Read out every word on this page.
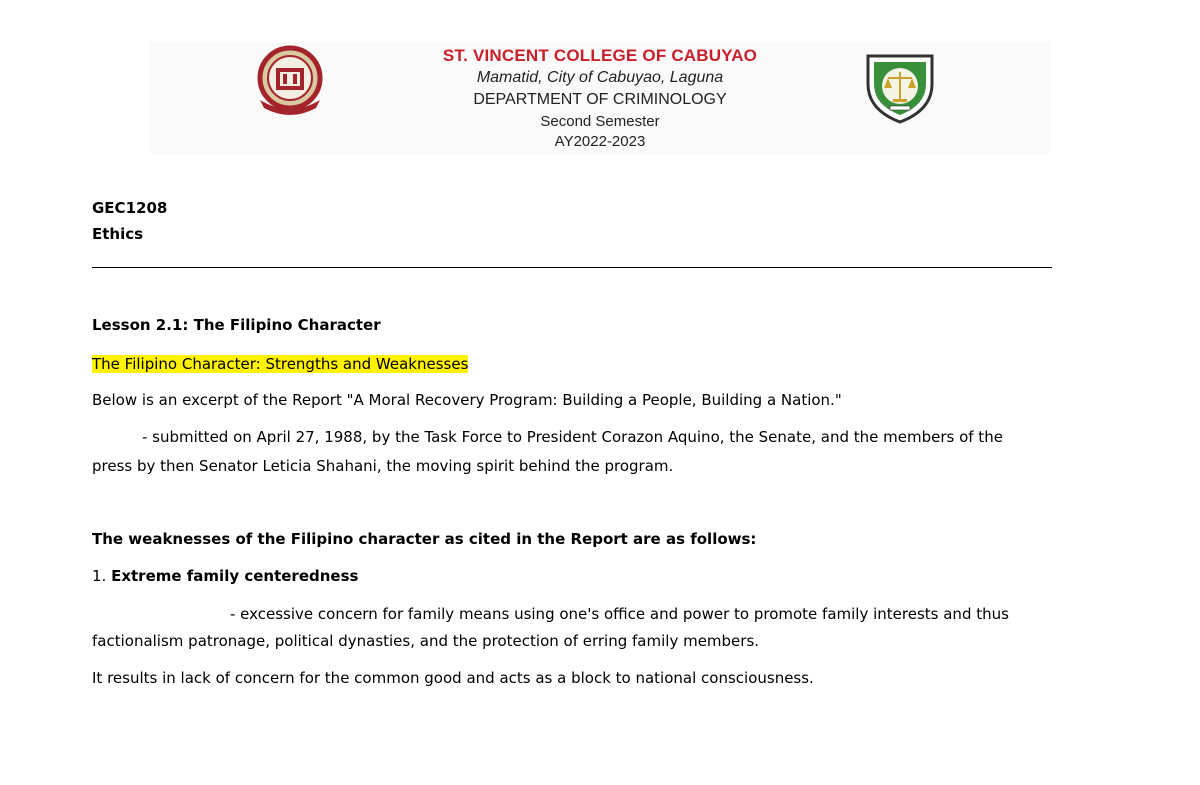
ST. VINCENT COLLEGE OF CABUYAO
Mamatid, City of Cabuyao, Laguna
DEPARTMENT OF CRIMINOLOGY
Second Semester
AY2022-2023
GEC1208
Ethics
Lesson 2.1: The Filipino Character
The Filipino Character: Strengths and Weaknesses
Below is an excerpt of the Report "A Moral Recovery Program: Building a People, Building a Nation."
- submitted on April 27, 1988, by the Task Force to President Corazon Aquino, the Senate, and the members of the
press by then Senator Leticia Shahani, the moving spirit behind the program.
The weaknesses of the Filipino character as cited in the Report are as follows:
1. Extreme family centeredness
- excessive concern for family means using one's office and power to promote family interests and thus
factionalism patronage, political dynasties, and the protection of erring family members.
It results in lack of concern for the common good and acts as a block to national consciousness.
